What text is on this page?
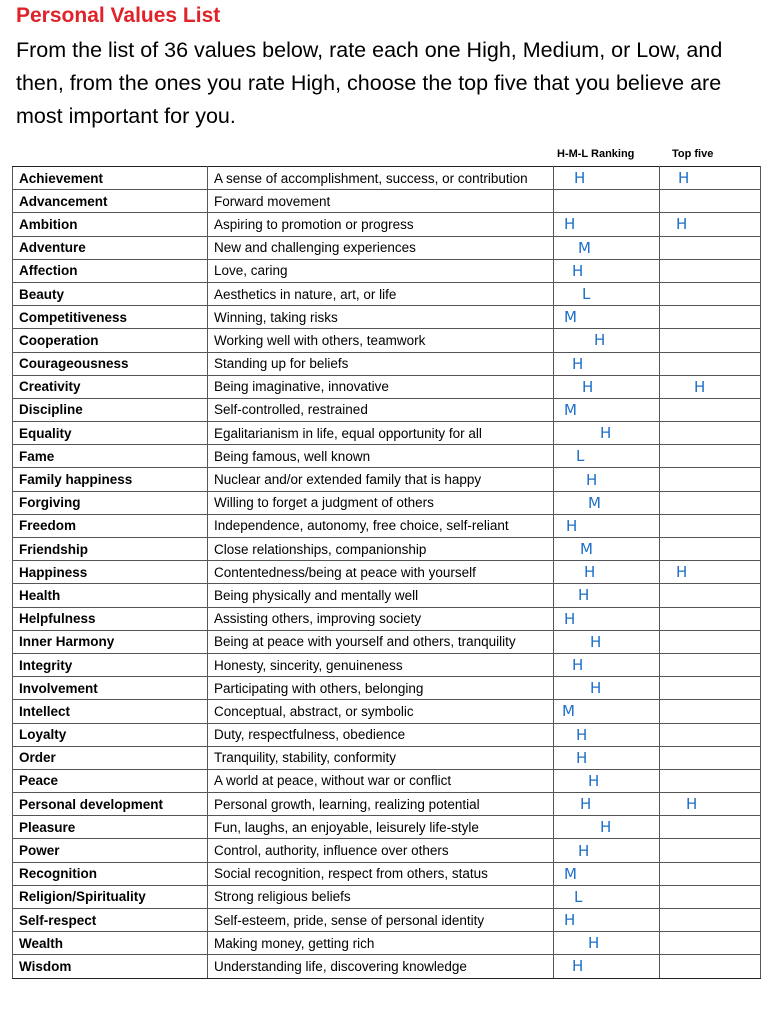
Personal Values List

From the list of 36 values below, rate each one High, Medium, or Low, and then, from the ones you rate High, choose the top five that you believe are most important for you.

H-M-L Ranking	Top five
Achievement	A sense of accomplishment, success, or contribution	H	H
Advancement	Forward movement		
Ambition	Aspiring to promotion or progress	H	H
Adventure	New and challenging experiences	M	
Affection	Love, caring	H	
Beauty	Aesthetics in nature, art, or life	L	
Competitiveness	Winning, taking risks	M	
Cooperation	Working well with others, teamwork	H	
Courageousness	Standing up for beliefs	H	
Creativity	Being imaginative, innovative	H	H
Discipline	Self-controlled, restrained	M	
Equality	Egalitarianism in life, equal opportunity for all	H	
Fame	Being famous, well known	L	
Family happiness	Nuclear and/or extended family that is happy	H	
Forgiving	Willing to forget a judgment of others	M	
Freedom	Independence, autonomy, free choice, self-reliant	H	
Friendship	Close relationships, companionship	M	
Happiness	Contentedness/being at peace with yourself	H	H
Health	Being physically and mentally well	H	
Helpfulness	Assisting others, improving society	H	
Inner Harmony	Being at peace with yourself and others, tranquility	H	
Integrity	Honesty, sincerity, genuineness	H	
Involvement	Participating with others, belonging	H	
Intellect	Conceptual, abstract, or symbolic	M	
Loyalty	Duty, respectfulness, obedience	H	
Order	Tranquility, stability, conformity	H	
Peace	A world at peace, without war or conflict	H	
Personal development	Personal growth, learning, realizing potential	H	H
Pleasure	Fun, laughs, an enjoyable, leisurely life-style	H	
Power	Control, authority, influence over others	H	
Recognition	Social recognition, respect from others, status	M	
Religion/Spirituality	Strong religious beliefs	L	
Self-respect	Self-esteem, pride, sense of personal identity	H	
Wealth	Making money, getting rich	H	
Wisdom	Understanding life, discovering knowledge	H	
